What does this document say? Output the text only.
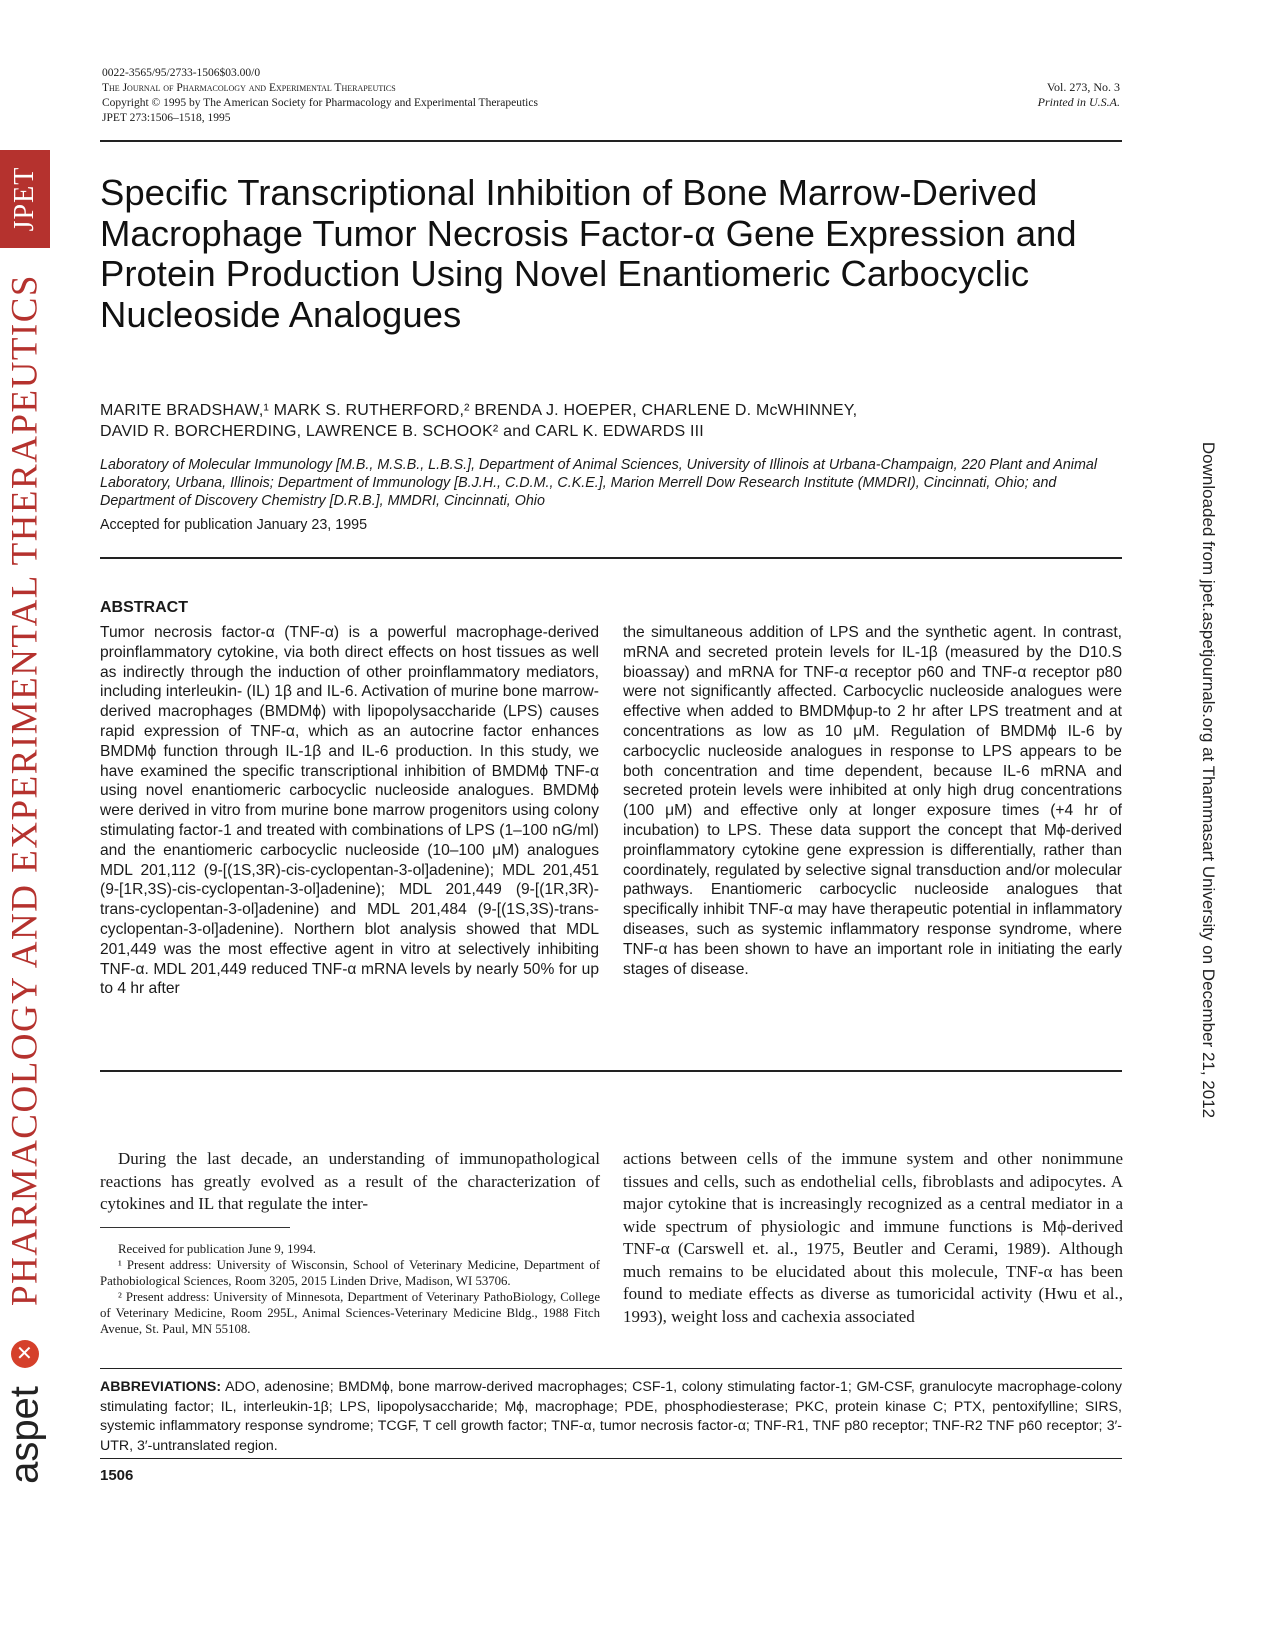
JPET
PHARMACOLOGY AND EXPERIMENTAL THERAPEUTICS
✕
aspet
Downloaded from jpet.aspetjournals.org at Thammasart University on December 21, 2012
0022-3565/95/2733-1506$03.00/0
The Journal of Pharmacology and Experimental Therapeutics
Copyright © 1995 by The American Society for Pharmacology and Experimental Therapeutics
JPET 273:1506–1518, 1995
Vol. 273, No. 3
Printed in U.S.A.
Specific Transcriptional Inhibition of Bone Marrow-Derived Macrophage Tumor Necrosis Factor-α Gene Expression and Protein Production Using Novel Enantiomeric Carbocyclic Nucleoside Analogues
MARITE BRADSHAW,¹ MARK S. RUTHERFORD,² BRENDA J. HOEPER, CHARLENE D. McWHINNEY,
DAVID R. BORCHERDING, LAWRENCE B. SCHOOK² and CARL K. EDWARDS III
Laboratory of Molecular Immunology [M.B., M.S.B., L.B.S.], Department of Animal Sciences, University of Illinois at Urbana-Champaign, 220 Plant and Animal Laboratory, Urbana, Illinois; Department of Immunology [B.J.H., C.D.M., C.K.E.], Marion Merrell Dow Research Institute (MMDRI), Cincinnati, Ohio; and Department of Discovery Chemistry [D.R.B.], MMDRI, Cincinnati, Ohio
Accepted for publication January 23, 1995
ABSTRACT
Tumor necrosis factor-α (TNF-α) is a powerful macrophage-derived proinflammatory cytokine, via both direct effects on host tissues as well as indirectly through the induction of other proinflammatory mediators, including interleukin- (IL) 1β and IL-6. Activation of murine bone marrow-derived macrophages (BMDMϕ) with lipopolysaccharide (LPS) causes rapid expression of TNF-α, which as an autocrine factor enhances BMDMϕ function through IL-1β and IL-6 production. In this study, we have examined the specific transcriptional inhibition of BMDMϕ TNF-α using novel enantiomeric carbocyclic nucleoside analogues. BMDMϕ were derived in vitro from murine bone marrow progenitors using colony stimulating factor-1 and treated with combinations of LPS (1–100 nG/ml) and the enantiomeric carbocyclic nucleoside (10–100 μM) analogues MDL 201,112 (9-[(1S,3R)-cis-cyclopentan-3-ol]adenine); MDL 201,451 (9-[1R,3S)-cis-cyclopentan-3-ol]adenine); MDL 201,449 (9-[(1R,3R)-trans-cyclopentan-3-ol]adenine) and MDL 201,484 (9-[(1S,3S)-trans-cyclopentan-3-ol]adenine). Northern blot analysis showed that MDL 201,449 was the most effective agent in vitro at selectively inhibiting TNF-α. MDL 201,449 reduced TNF-α mRNA levels by nearly 50% for up to 4 hr after
the simultaneous addition of LPS and the synthetic agent. In contrast, mRNA and secreted protein levels for IL-1β (measured by the D10.S bioassay) and mRNA for TNF-α receptor p60 and TNF-α receptor p80 were not significantly affected. Carbocyclic nucleoside analogues were effective when added to BMDMϕup-to 2 hr after LPS treatment and at concentrations as low as 10 μM. Regulation of BMDMϕ IL-6 by carbocyclic nucleoside analogues in response to LPS appears to be both concentration and time dependent, because IL-6 mRNA and secreted protein levels were inhibited at only high drug concentrations (100 μM) and effective only at longer exposure times (+4 hr of incubation) to LPS. These data support the concept that Mϕ-derived proinflammatory cytokine gene expression is differentially, rather than coordinately, regulated by selective signal transduction and/or molecular pathways. Enantiomeric carbocyclic nucleoside analogues that specifically inhibit TNF-α may have therapeutic potential in inflammatory diseases, such as systemic inflammatory response syndrome, where TNF-α has been shown to have an important role in initiating the early stages of disease.

During the last decade, an understanding of immunopathological reactions has greatly evolved as a result of the characterization of cytokines and IL that regulate the inter-

actions between cells of the immune system and other nonimmune tissues and cells, such as endothelial cells, fibroblasts and adipocytes. A major cytokine that is increasingly recognized as a central mediator in a wide spectrum of physiologic and immune functions is Mϕ-derived TNF-α (Carswell et. al., 1975, Beutler and Cerami, 1989). Although much remains to be elucidated about this molecule, TNF-α has been found to mediate effects as diverse as tumoricidal activity (Hwu et al., 1993), weight loss and cachexia associated

Received for publication June 9, 1994.

¹ Present address: University of Wisconsin, School of Veterinary Medicine, Department of Pathobiological Sciences, Room 3205, 2015 Linden Drive, Madison, WI 53706.

² Present address: University of Minnesota, Department of Veterinary PathoBiology, College of Veterinary Medicine, Room 295L, Animal Sciences-Veterinary Medicine Bldg., 1988 Fitch Avenue, St. Paul, MN 55108.

ABBREVIATIONS: ADO, adenosine; BMDMϕ, bone marrow-derived macrophages; CSF-1, colony stimulating factor-1; GM-CSF, granulocyte macrophage-colony stimulating factor; IL, interleukin-1β; LPS, lipopolysaccharide; Mϕ, macrophage; PDE, phosphodiesterase; PKC, protein kinase C; PTX, pentoxifylline; SIRS, systemic inflammatory response syndrome; TCGF, T cell growth factor; TNF-α, tumor necrosis factor-α; TNF-R1, TNF p80 receptor; TNF-R2 TNF p60 receptor; 3′-UTR, 3′-untranslated region.
1506
